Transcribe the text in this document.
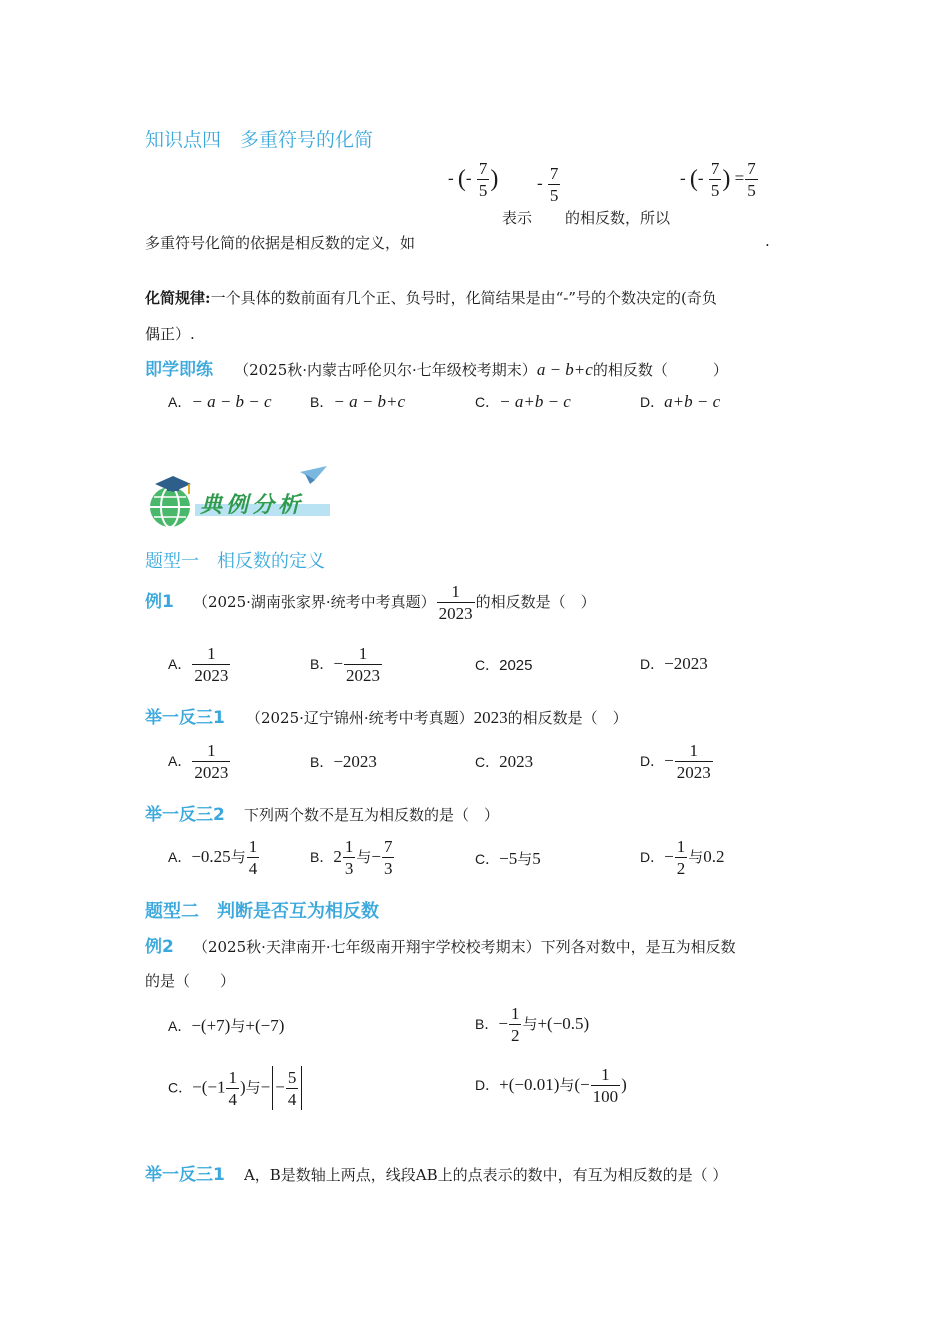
知识点四　多重符号的化简
- (- $\frac{7}{5}$ ) - $\frac{7}{5}$	- (- $\frac{7}{5}$ ) = $\frac{7}{5}$
表示 的相反数，所以
多重符号化简的依据是相反数的定义，如	.
化简规律:一个具体的数前面有几个正、负号时，化简结果是由“-”号的个数决定的(奇负
偶正）.
即学即练 （2025秋·内蒙古呼伦贝尔·七年级校考期末）a − b+c的相反数（　　　）
A．− a − b − c	B．− a − b+c	C．− a+b − c	D．a+b − c
典例分析
题型一　相反数的定义
例1 （2025·湖南张家界·统考中考真题） $\frac{1}{2023}$ 的相反数是（　）
A． $\frac{1}{2023}$	B．− $\frac{1}{2023}$	C．2025	D．−2023
举一反三1 （2025·辽宁锦州·统考中考真题）2023的相反数是（　）
A． $\frac{1}{2023}$	B．−2023	C．2023	D．− $\frac{1}{2023}$
举一反三2 下列两个数不是互为相反数的是（　）
A．−0.25与 $\frac{1}{4}$	B．$2 \frac{1}{3}$ 与− $\frac{7}{3}$	C．−5与5	D．− $\frac{1}{2}$ 与0.2
题型二　判断是否互为相反数
例2 （2025秋·天津南开·七年级南开翔宇学校校考期末）下列各对数中，是互为相反数
的是（　　）
A．−(+7)与+(−7)	B．− $\frac{1}{2}$ 与+(−0.5)
C．$-(-1 \frac{1}{4}$ )与− − $\frac{5}{4}$	D．+(−0.01)与(− $\frac{1}{100}$ )
举一反三1 A，B是数轴上两点，线段AB上的点表示的数中，有互为相反数的是（ ）
